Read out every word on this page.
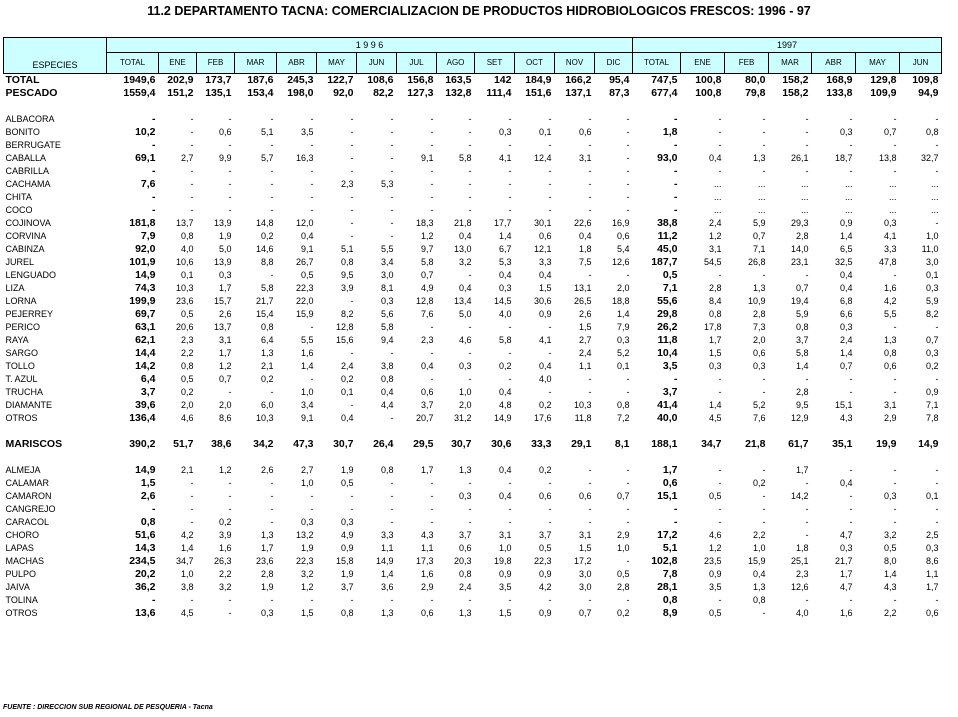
11.2 DEPARTAMENTO TACNA: COMERCIALIZACION DE PRODUCTOS HIDROBIOLOGICOS FRESCOS: 1996 - 97
ESPECIES	1 9 9 6													1997						
	TOTAL	ENE	FEB	MAR	ABR	MAY	JUN	JUL	AGO	SET	OCT	NOV	DIC	TOTAL	ENE	FEB	MAR	ABR	MAY	JUN
TOTAL	1949,6	202,9	173,7	187,6	245,3	122,7	108,6	156,8	163,5	142	184,9	166,2	95,4	747,5	100,8	80,0	158,2	168,9	129,8	109,8
PESCADO	1559,4	151,2	135,1	153,4	198,0	92,0	82,2	127,3	132,8	111,4	151,6	137,1	87,3	677,4	100,8	79,8	158,2	133,8	109,9	94,9

ALBACORA	-	-	-	-	-	-	-	-	-	-	-	-	-	-	-	-	-	-	-	-
BONITO	10,2	-	0,6	5,1	3,5	-	-	-	-	0,3	0,1	0,6	-	1,8	-	-	-	0,3	0,7	0,8
BERRUGATE	-	-	-	-	-	-	-	-	-	-	-	-	-	-	-	-	-	-	-	-
CABALLA	69,1	2,7	9,9	5,7	16,3	-	-	9,1	5,8	4,1	12,4	3,1	-	93,0	0,4	1,3	26,1	18,7	13,8	32,7
CABRILLA	-	-	-	-	-	-	-	-	-	-	-	-	-	-	-	-	-	-	-	-
CACHAMA	7,6	-	-	-	-	2,3	5,3	-	-	-	-	-	-	-	...	...	...	...	...	...
CHITA	-	-	-	-	-	-	-	-	-	-	-	-	-	-	...	...	...	...	...	...
COCO	-	-	-	-	-	-	-	-	-	-	-	-	-	-	...	...	...	...	...	...
COJINOVA	181,8	13,7	13,9	14,8	12,0	-	-	18,3	21,8	17,7	30,1	22,6	16,9	38,8	2,4	5,9	29,3	0,9	0,3	-
CORVINA	7,9	0,8	1,9	0,2	0,4	-	-	1,2	0,4	1,4	0,6	0,4	0,6	11,2	1,2	0,7	2,8	1,4	4,1	1,0
CABINZA	92,0	4,0	5,0	14,6	9,1	5,1	5,5	9,7	13,0	6,7	12,1	1,8	5,4	45,0	3,1	7,1	14,0	6,5	3,3	11,0
JUREL	101,9	10,6	13,9	8,8	26,7	0,8	3,4	5,8	3,2	5,3	3,3	7,5	12,6	187,7	54,5	26,8	23,1	32,5	47,8	3,0
LENGUADO	14,9	0,1	0,3	-	0,5	9,5	3,0	0,7	-	0,4	0,4	-	-	0,5	-	-	-	0,4	-	0,1
LIZA	74,3	10,3	1,7	5,8	22,3	3,9	8,1	4,9	0,4	0,3	1,5	13,1	2,0	7,1	2,8	1,3	0,7	0,4	1,6	0,3
LORNA	199,9	23,6	15,7	21,7	22,0	-	0,3	12,8	13,4	14,5	30,6	26,5	18,8	55,6	8,4	10,9	19,4	6,8	4,2	5,9
PEJERREY	69,7	0,5	2,6	15,4	15,9	8,2	5,6	7,6	5,0	4,0	0,9	2,6	1,4	29,8	0,8	2,8	5,9	6,6	5,5	8,2
PERICO	63,1	20,6	13,7	0,8	-	12,8	5,8	-	-	-	-	1,5	7,9	26,2	17,8	7,3	0,8	0,3	-	-
RAYA	62,1	2,3	3,1	6,4	5,5	15,6	9,4	2,3	4,6	5,8	4,1	2,7	0,3	11,8	1,7	2,0	3,7	2,4	1,3	0,7
SARGO	14,4	2,2	1,7	1,3	1,6	-	-	-	-	-	-	2,4	5,2	10,4	1,5	0,6	5,8	1,4	0,8	0,3
TOLLO	14,2	0,8	1,2	2,1	1,4	2,4	3,8	0,4	0,3	0,2	0,4	1,1	0,1	3,5	0,3	0,3	1,4	0,7	0,6	0,2
T. AZUL	6,4	0,5	0,7	0,2	-	0,2	0,8	-	-	-	4,0	-	-	-	-	-	-	-	-	-
TRUCHA	3,7	0,2	-	-	1,0	0,1	0,4	0,6	1,0	0,4	-	-	-	3,7	-	-	2,8	-	-	0,9
DIAMANTE	39,6	2,0	2,0	6,0	3,4	-	4,4	3,7	2,0	4,8	0,2	10,3	0,8	41,4	1,4	5,2	9,5	15,1	3,1	7,1
OTROS	136,4	4,6	8,6	10,3	9,1	0,4	-	20,7	31,2	14,9	17,6	11,8	7,2	40,0	4,5	7,6	12,9	4,3	2,9	7,8

MARISCOS	390,2	51,7	38,6	34,2	47,3	30,7	26,4	29,5	30,7	30,6	33,3	29,1	8,1	188,1	34,7	21,8	61,7	35,1	19,9	14,9

ALMEJA	14,9	2,1	1,2	2,6	2,7	1,9	0,8	1,7	1,3	0,4	0,2	-	-	1,7	-	-	1,7	-	-	-
CALAMAR	1,5	-	-	-	1,0	0,5	-	-	-	-	-	-	-	0,6	-	0,2	-	0,4	-	-
CAMARON	2,6	-	-	-	-	-	-	-	0,3	0,4	0,6	0,6	0,7	15,1	0,5	-	14,2	-	0,3	0,1
CANGREJO	-	-	-	-	-	-	-	-	-	-	-	-	-	-	-	-	-	-	-	-
CARACOL	0,8	-	0,2	-	0,3	0,3	-	-	-	-	-	-	-	-	-	-	-	-	-	-
CHORO	51,6	4,2	3,9	1,3	13,2	4,9	3,3	4,3	3,7	3,1	3,7	3,1	2,9	17,2	4,6	2,2	-	4,7	3,2	2,5
LAPAS	14,3	1,4	1,6	1,7	1,9	0,9	1,1	1,1	0,6	1,0	0,5	1,5	1,0	5,1	1,2	1,0	1,8	0,3	0,5	0,3
MACHAS	234,5	34,7	26,3	23,6	22,3	15,8	14,9	17,3	20,3	19,8	22,3	17,2	-	102,8	23,5	15,9	25,1	21,7	8,0	8,6
PULPO	20,2	1,0	2,2	2,8	3,2	1,9	1,4	1,6	0,8	0,9	0,9	3,0	0,5	7,8	0,9	0,4	2,3	1,7	1,4	1,1
JAIVA	36,2	3,8	3,2	1,9	1,2	3,7	3,6	2,9	2,4	3,5	4,2	3,0	2,8	28,1	3,5	1,3	12,6	4,7	4,3	1,7
TOLINA	-	-	-	-	-	-	-	-	-	-	-	-	-	0,8	-	0,8	-	-	-	-
OTROS	13,6	4,5	-	0,3	1,5	0,8	1,3	0,6	1,3	1,5	0,9	0,7	0,2	8,9	0,5	-	4,0	1,6	2,2	0,6
FUENTE : DIRECCION SUB REGIONAL DE PESQUERIA - Tacna
